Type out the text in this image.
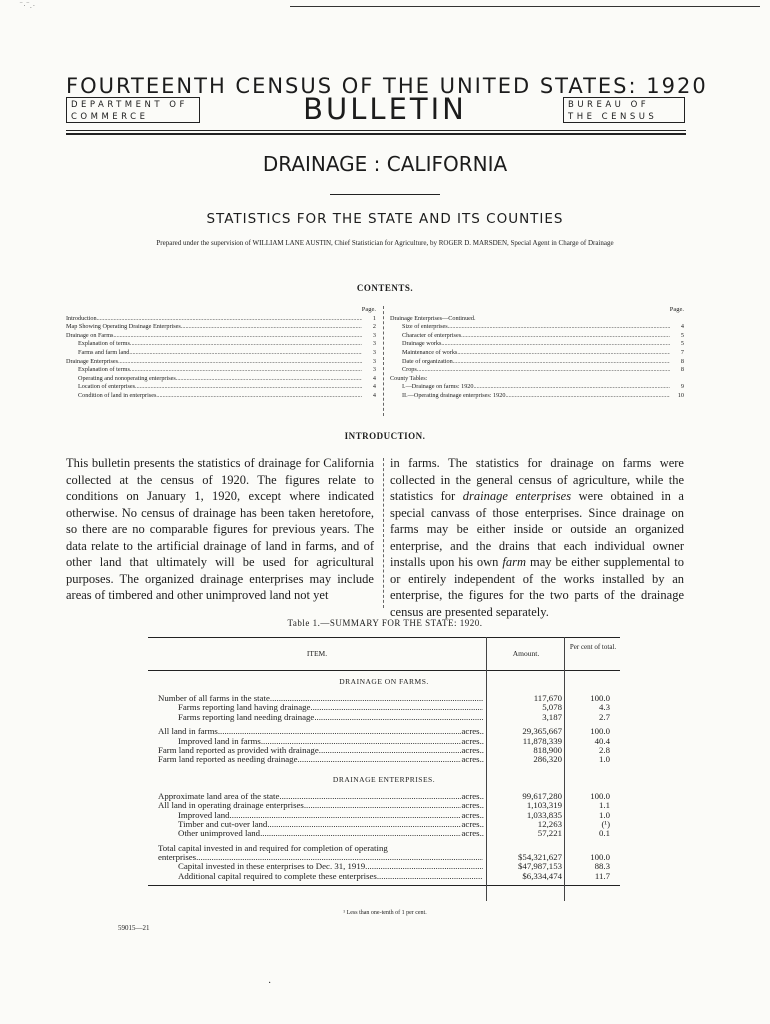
‾·‾.·
FOURTEENTH CENSUS OF THE UNITED STATES: 1920
DEPARTMENT OF COMMERCE	BULLETIN	BUREAU OF THE CENSUS
DRAINAGE : CALIFORNIA
STATISTICS FOR THE STATE AND ITS COUNTIES
Prepared under the supervision of WILLIAM LANE AUSTIN, Chief Statistician for Agriculture, by ROGER D. MARSDEN, Special Agent in Charge of Drainage
CONTENTS.
Page.
Introduction .....	1
Map Showing Operating Drainage Enterprises .....	2
Drainage on Farms .....	3
Explanation of terms .....	3
Farms and farm land .....	3
Drainage Enterprises .....	3
Explanation of terms .....	3
Operating and nonoperating enterprises .....	4
Location of enterprises .....	4
Condition of land in enterprises .....	4
Page.
Drainage Enterprises—Continued.
Size of enterprises .....	4
Character of enterprises .....	5
Drainage works .....	5
Maintenance of works .....	7
Date of organization .....	8
Crops .....	8
County Tables:
I.—Drainage on farms: 1920 .....	9
II.—Operating drainage enterprises: 1920 .....	10
INTRODUCTION.
This bulletin presents the statistics of drainage for California collected at the census of 1920. The figures relate to conditions on January 1, 1920, except where indicated otherwise. No census of drainage has been taken heretofore, so there are no comparable figures for previous years. The data relate to the artificial drainage of land in farms, and of other land that ultimately will be used for agricultural purposes. The organized drainage enterprises may include areas of timbered and other unimproved land not yet
in farms. The statistics for drainage on farms were collected in the general census of agriculture, while the statistics for drainage enterprises were obtained in a special canvass of those enterprises. Since drainage on farms may be either inside or outside an organized enterprise, and the drains that each individual owner installs upon his own farm may be either supplemental to or entirely independent of the works installed by an enterprise, the figures for the two parts of the drainage census are presented separately.
Table 1.—SUMMARY FOR THE STATE: 1920.
ITEM.	Amount.
Per cent of total.
DRAINAGE ON FARMS.
Number of all farms in the state .....	117,670	100.0
Farms reporting land having drainage .....	5,078	4.3
Farms reporting land needing drainage .....	3,187	2.7
All land in farms .....	acres..	29,365,667	100.0
Improved land in farms .....	acres..	11,878,339	40.4
Farm land reported as provided with drainage .....	acres..	818,900	2.8
Farm land reported as needing drainage .....	acres..	286,320	1.0
DRAINAGE ENTERPRISES.
Approximate land area of the state .....	acres..	99,617,280	100.0
All land in operating drainage enterprises .....	acres..	1,103,319	1.1
Improved land .....	acres..	1,033,835	1.0
Timber and cut-over land .....	acres..	12,263	(¹)
Other unimproved land .....	acres..	57,221	0.1
Total capital invested in and required for completion of operating
enterprises .....	$54,321,627	100.0
Capital invested in these enterprises to Dec. 31, 1919 .....	$47,987,153	88.3
Additional capital required to complete these enterprises .....	$6,334,474	11.7
¹ Less than one-tenth of 1 per cent.
59015—21
·
